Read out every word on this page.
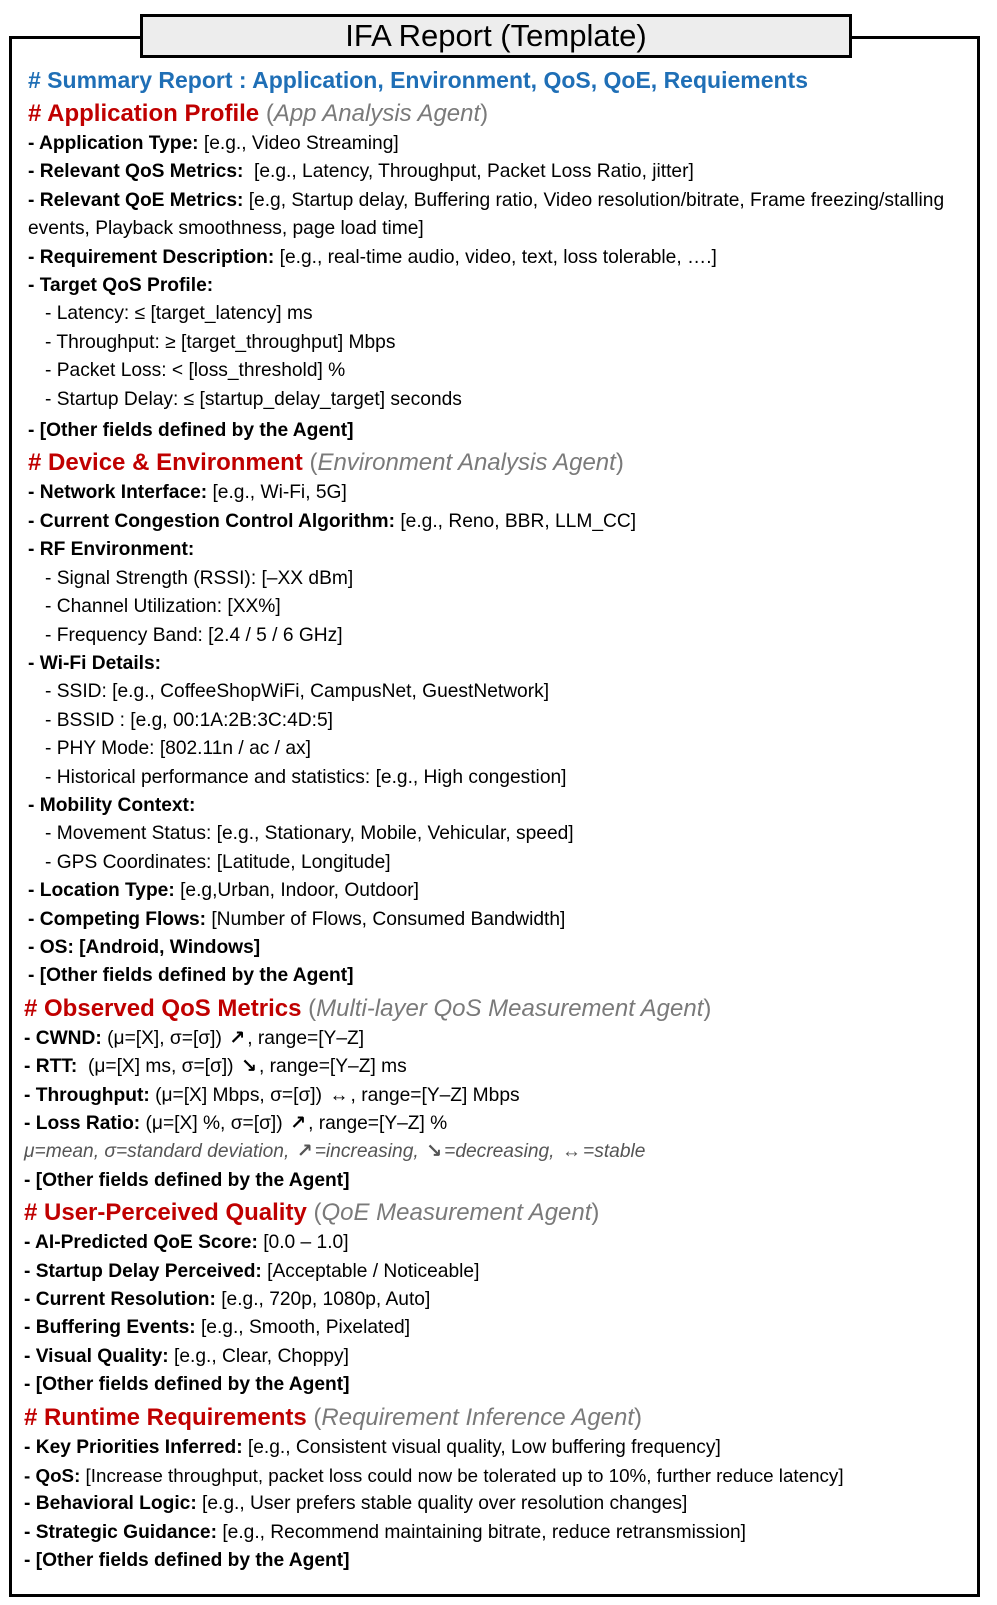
IFA Report (Template)
# Summary Report : Application, Environment, QoS, QoE, Requiements
# Application Profile (App Analysis Agent)
- Application Type: [e.g., Video Streaming]
- Relevant QoS Metrics:  [e.g., Latency, Throughput, Packet Loss Ratio, jitter]
- Relevant QoE Metrics: [e.g, Startup delay, Buffering ratio, Video resolution/bitrate, Frame freezing/stalling events, Playback smoothness, page load time]
- Requirement Description: [e.g., real-time audio, video, text, loss tolerable, ….]
- Target QoS Profile:
- Latency: ≤ [target_latency] ms
- Throughput: ≥ [target_throughput] Mbps
- Packet Loss: < [loss_threshold] %
- Startup Delay: ≤ [startup_delay_target] seconds
- [Other fields defined by the Agent]
# Device & Environment (Environment Analysis Agent)
- Network Interface: [e.g., Wi-Fi, 5G]
- Current Congestion Control Algorithm: [e.g., Reno, BBR, LLM_CC]
- RF Environment:
- Signal Strength (RSSI): [–XX dBm]
- Channel Utilization: [XX%]
- Frequency Band: [2.4 / 5 / 6 GHz]
- Wi-Fi Details:
- SSID: [e.g., CoffeeShopWiFi, CampusNet, GuestNetwork]
- BSSID : [e.g, 00:1A:2B:3C:4D:5]
- PHY Mode: [802.11n / ac / ax]
- Historical performance and statistics: [e.g., High congestion]
- Mobility Context:
- Movement Status: [e.g., Stationary, Mobile, Vehicular, speed]
- GPS Coordinates: [Latitude, Longitude]
- Location Type: [e.g,Urban, Indoor, Outdoor]
- Competing Flows: [Number of Flows, Consumed Bandwidth]
- OS: [Android, Windows]
- [Other fields defined by the Agent]
# Observed QoS Metrics (Multi-layer QoS Measurement Agent)
- CWND: (μ=[X], σ=[σ]) ↗ , range=[Y–Z]
- RTT:  (μ=[X] ms, σ=[σ]) ↘ , range=[Y–Z] ms
- Throughput: (μ=[X] Mbps, σ=[σ]) ↔ , range=[Y–Z] Mbps
- Loss Ratio: (μ=[X] %, σ=[σ]) ↗ , range=[Y–Z] %
μ=mean, σ=standard deviation, ↗ =increasing, ↘ =decreasing, ↔ =stable
- [Other fields defined by the Agent]
# User-Perceived Quality (QoE Measurement Agent)
- AI-Predicted QoE Score: [0.0 – 1.0]
- Startup Delay Perceived: [Acceptable / Noticeable]
- Current Resolution: [e.g., 720p, 1080p, Auto]
- Buffering Events: [e.g., Smooth, Pixelated]
- Visual Quality: [e.g., Clear, Choppy]
- [Other fields defined by the Agent]
# Runtime Requirements (Requirement Inference Agent)
- Key Priorities Inferred: [e.g., Consistent visual quality, Low buffering frequency]
- QoS: [Increase throughput, packet loss could now be tolerated up to 10%, further reduce latency]
- Behavioral Logic: [e.g., User prefers stable quality over resolution changes]
- Strategic Guidance: [e.g., Recommend maintaining bitrate, reduce retransmission]
- [Other fields defined by the Agent]
